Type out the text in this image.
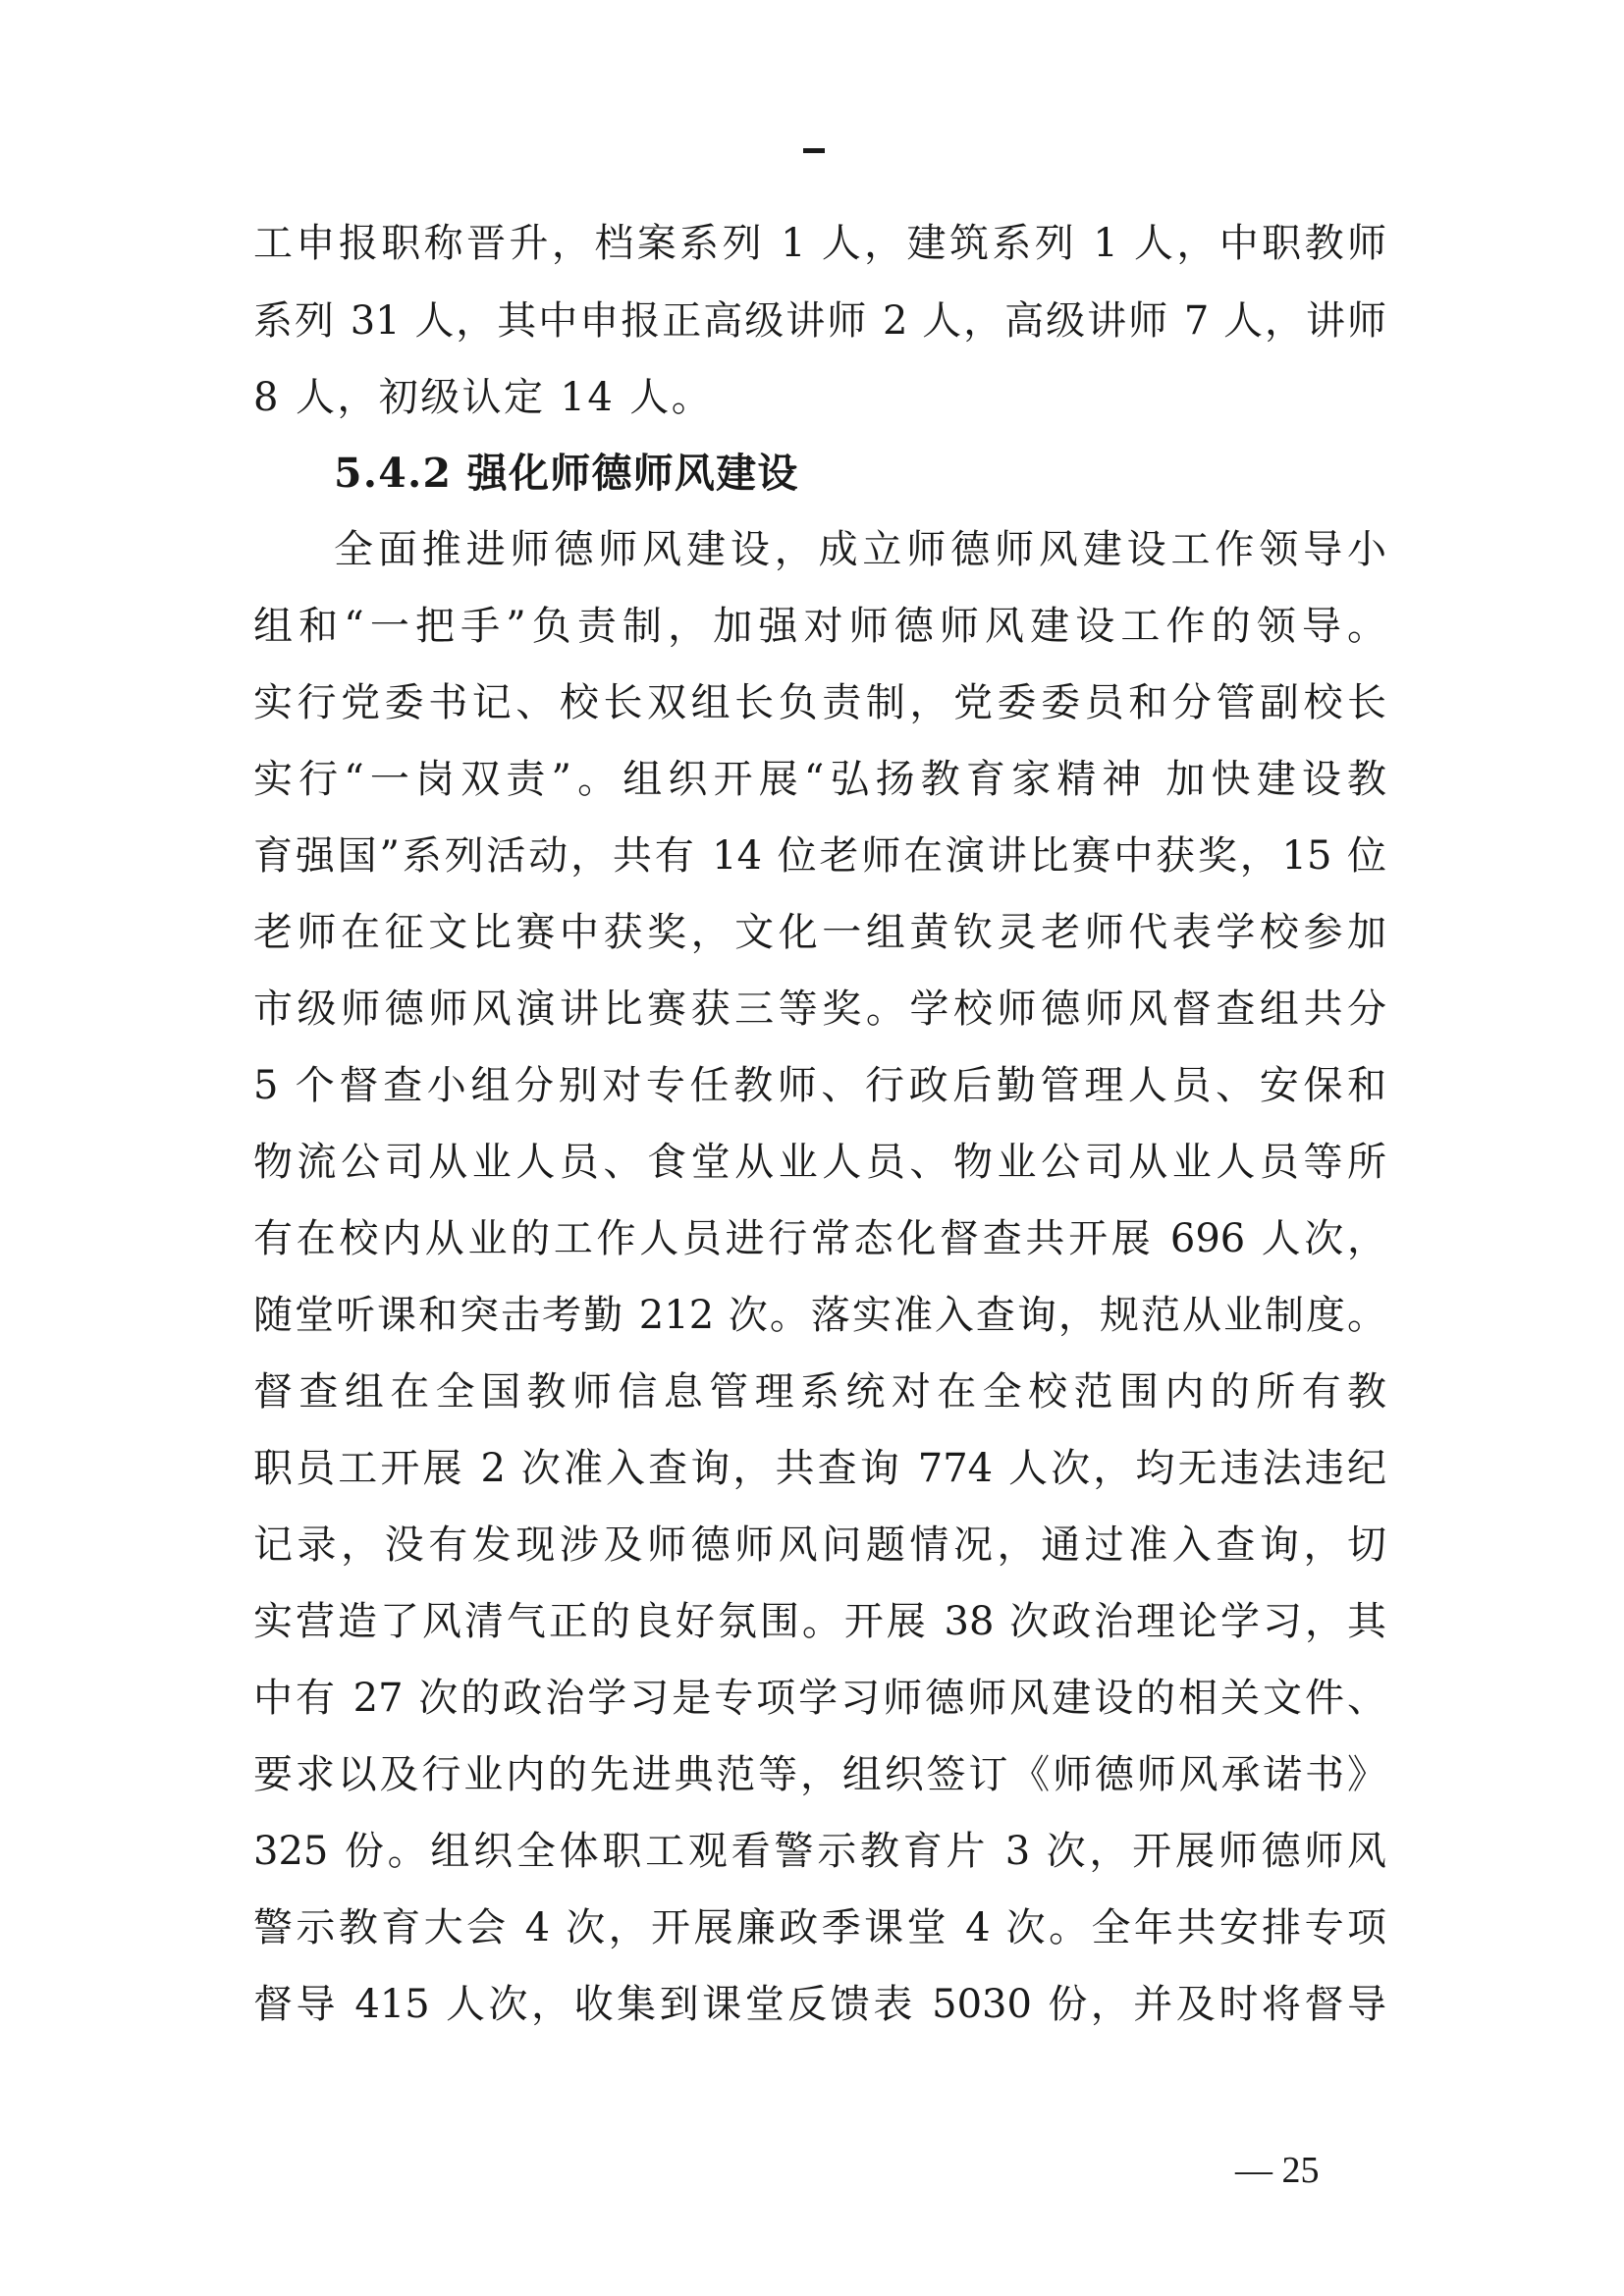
工申报职称晋升，档案系列 1 人，建筑系列 1 人，中职教师
系列 31 人，其中申报正高级讲师 2 人，高级讲师 7 人，讲师
8 人，初级认定 14 人。
5.4.2 强化师德师风建设
全面推进师德师风建设，成立师德师风建设工作领导小
组和“一把手”负责制，加强对师德师风建设工作的领导。
实行党委书记、校长双组长负责制，党委委员和分管副校长
实行“一岗双责”。组织开展“弘扬教育家精神 加快建设教
育强国”系列活动，共有 14 位老师在演讲比赛中获奖，15 位
老师在征文比赛中获奖，文化一组黄钦灵老师代表学校参加
市级师德师风演讲比赛获三等奖。学校师德师风督查组共分
5 个督查小组分别对专任教师、行政后勤管理人员、安保和
物流公司从业人员、食堂从业人员、物业公司从业人员等所
有在校内从业的工作人员进行常态化督查共开展 696 人次，
随堂听课和突击考勤 212 次。落实准入查询，规范从业制度。
督查组在全国教师信息管理系统对在全校范围内的所有教
职员工开展 2 次准入查询，共查询 774 人次，均无违法违纪
记录，没有发现涉及师德师风问题情况，通过准入查询，切
实营造了风清气正的良好氛围。开展 38 次政治理论学习，其
中有 27 次的政治学习是专项学习师德师风建设的相关文件、
要求以及行业内的先进典范等，组织签订《师德师风承诺书》
325 份。组织全体职工观看警示教育片 3 次，开展师德师风
警示教育大会 4 次，开展廉政季课堂 4 次。全年共安排专项
督导 415 人次，收集到课堂反馈表 5030 份，并及时将督导
— 25
